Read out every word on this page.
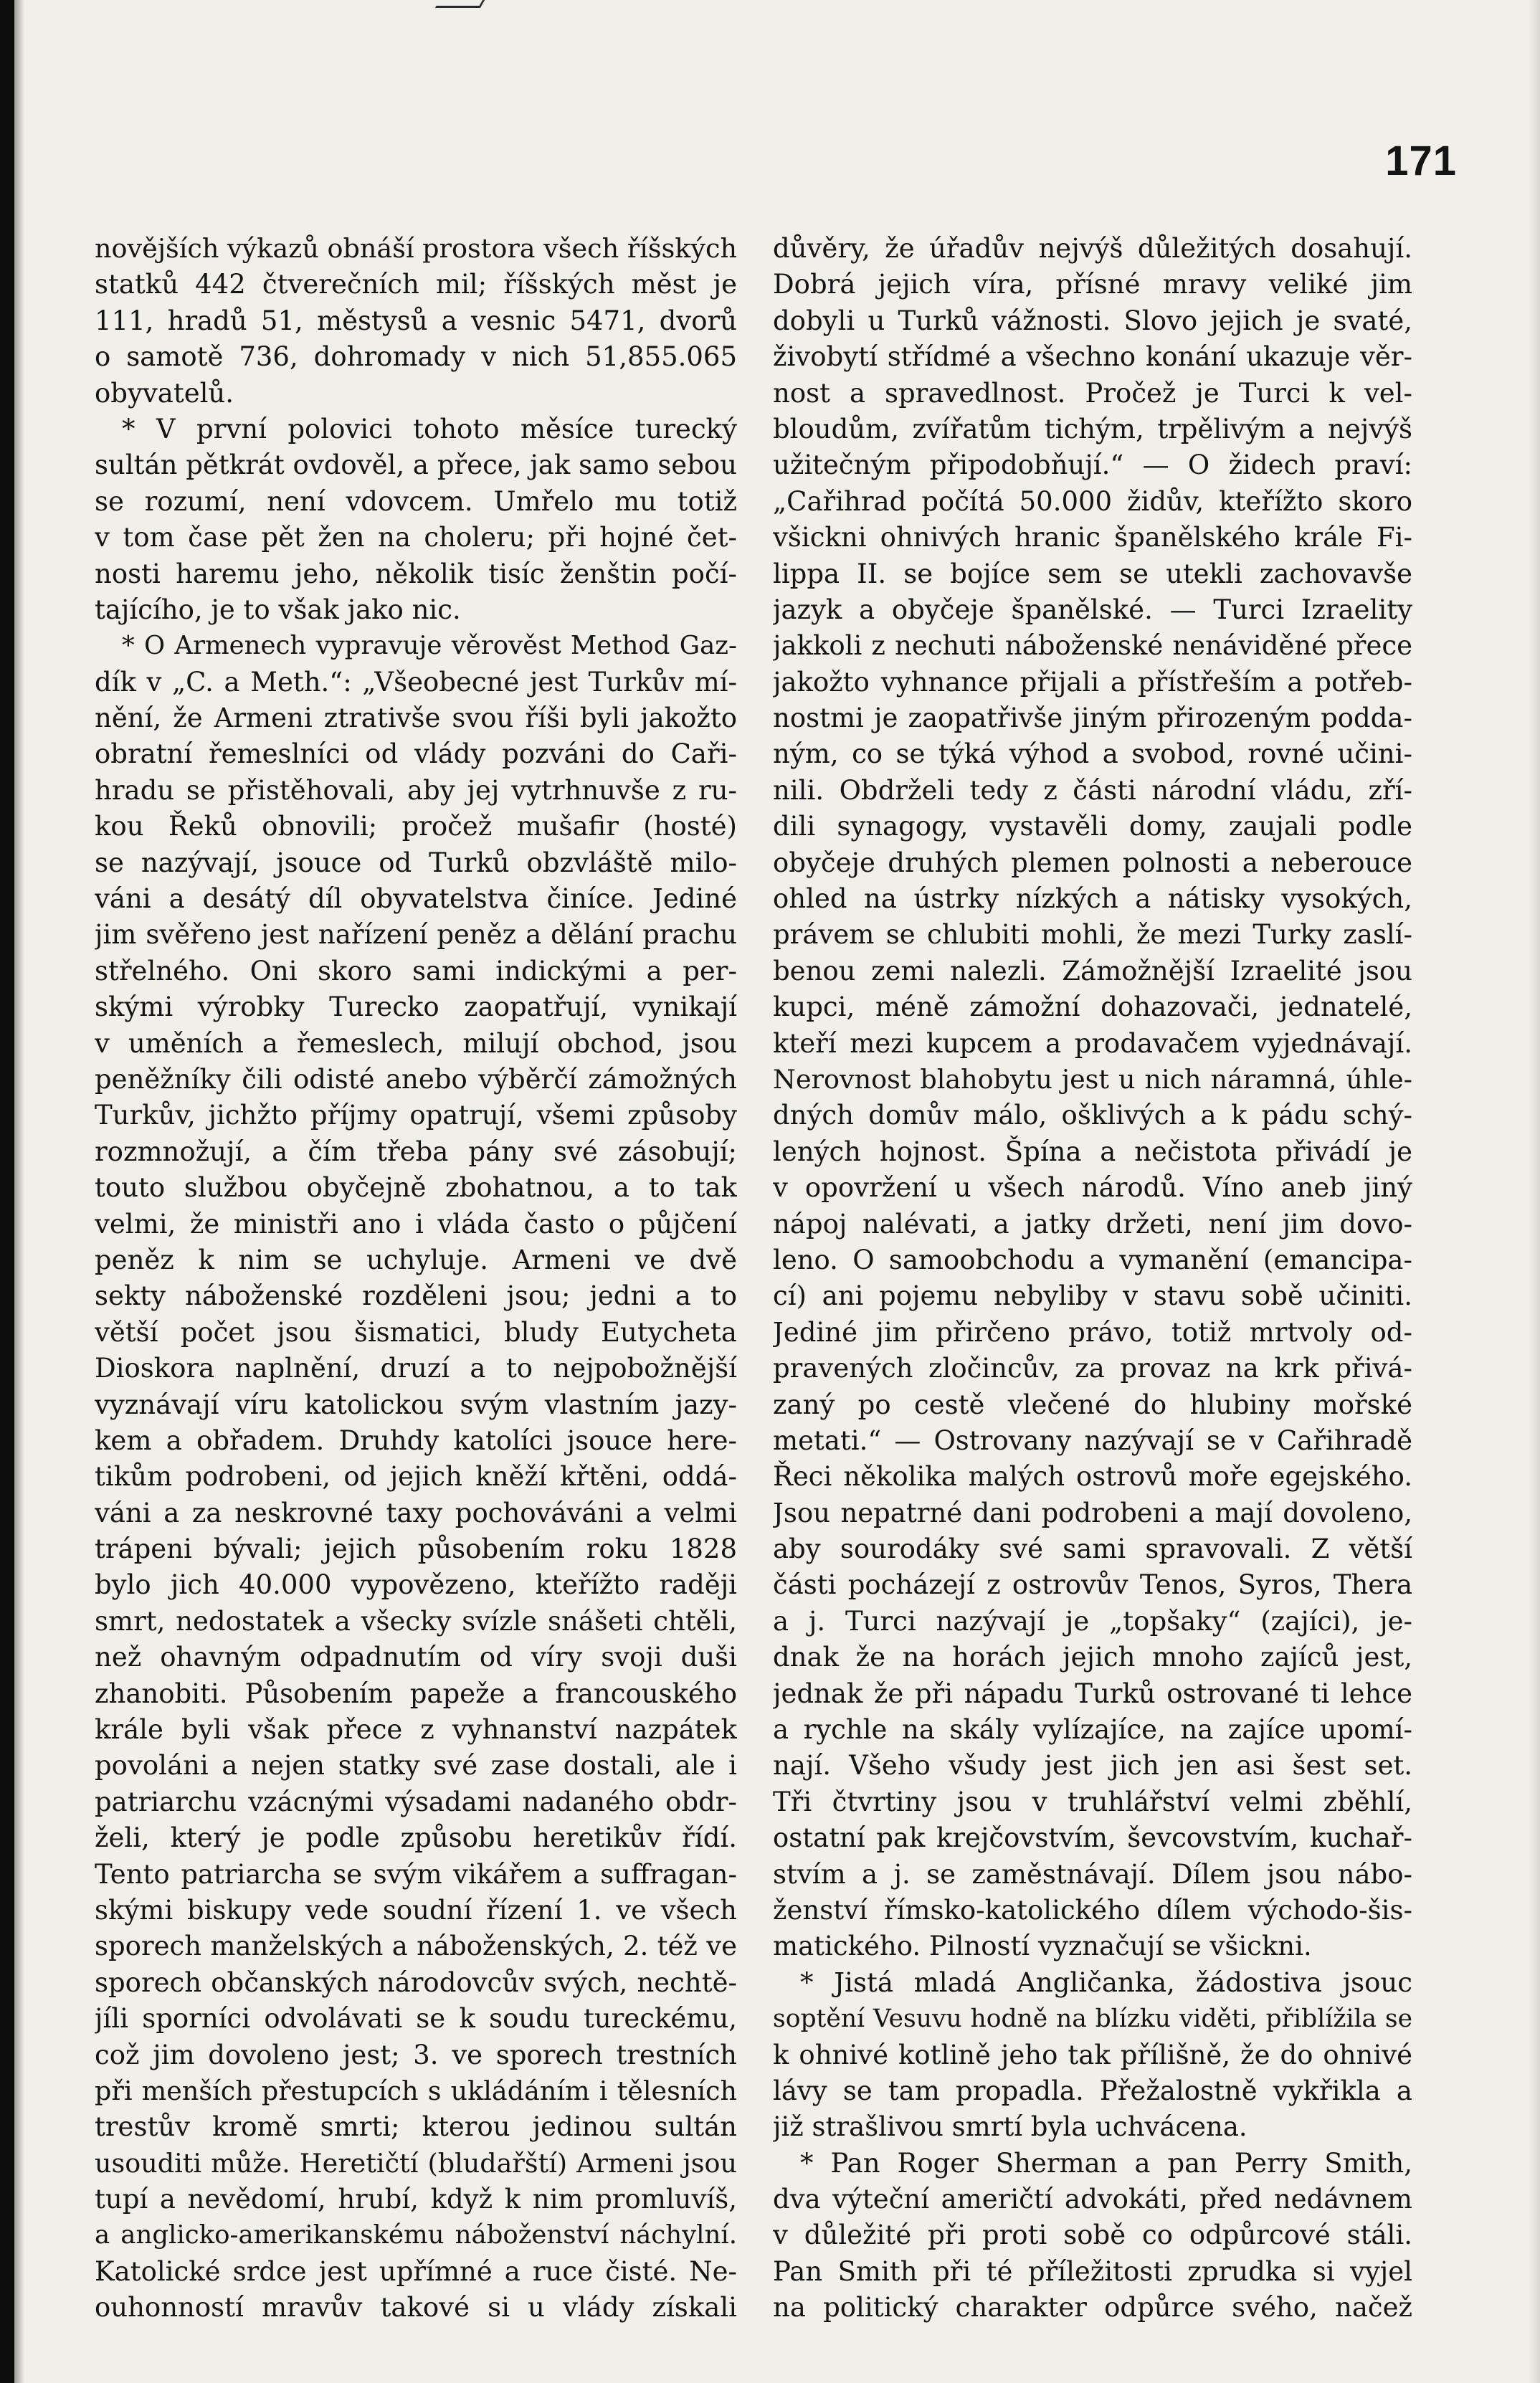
171
novějších výkazů obnáší prostora všech říšských
statků 442 čtverečních mil; říšských měst je
111, hradů 51, městysů a vesnic 5471, dvorů
o samotě 736, dohromady v nich 51,855.065
obyvatelů.
* V první polovici tohoto měsíce turecký
sultán pětkrát ovdověl, a přece, jak samo sebou
se rozumí, není vdovcem. Umřelo mu totiž
v tom čase pět žen na choleru; při hojné čet-
nosti haremu jeho, několik tisíc ženštin počí-
tajícího, je to však jako nic.
* O Armenech vypravuje věrověst Method Gaz-
dík v „C. a Meth.“: „Všeobecné jest Turkův mí-
nění, že Armeni ztrativše svou říši byli jakožto
obratní řemeslníci od vlády pozváni do Caři-
hradu se přistěhovali, aby jej vytrhnuvše z ru-
kou Řeků obnovili; pročež mušafir (hosté)
se nazývají, jsouce od Turků obzvláště milo-
váni a desátý díl obyvatelstva činíce. Jediné
jim svěřeno jest nařízení peněz a dělání prachu
střelného. Oni skoro sami indickými a per-
skými výrobky Turecko zaopatřují, vynikají
v uměních a řemeslech, milují obchod, jsou
peněžníky čili odisté anebo výběrčí zámožných
Turkův, jichžto příjmy opatrují, všemi způsoby
rozmnožují, a čím třeba pány své zásobují;
touto službou obyčejně zbohatnou, a to tak
velmi, že ministři ano i vláda často o půjčení
peněz k nim se uchyluje. Armeni ve dvě
sekty náboženské rozděleni jsou; jedni a to
větší počet jsou šismatici, bludy Eutycheta
Dioskora naplnění, druzí a to nejpobožnější
vyznávají víru katolickou svým vlastním jazy-
kem a obřadem. Druhdy katolíci jsouce here-
tikům podrobeni, od jejich kněží křtěni, oddá-
váni a za neskrovné taxy pochováváni a velmi
trápeni bývali; jejich působením roku 1828
bylo jich 40.000 vypovězeno, kteřížto raději
smrt, nedostatek a všecky svízle snášeti chtěli,
než ohavným odpadnutím od víry svoji duši
zhanobiti. Působením papeže a francouského
krále byli však přece z vyhnanství nazpátek
povoláni a nejen statky své zase dostali, ale i
patriarchu vzácnými výsadami nadaného obdr-
želi, který je podle způsobu heretikův řídí.
Tento patriarcha se svým vikářem a suffragan-
skými biskupy vede soudní řízení 1. ve všech
sporech manželských a náboženských, 2. též ve
sporech občanských národovcův svých, nechtě-
jíli sporníci odvolávati se k soudu tureckému,
což jim dovoleno jest; 3. ve sporech trestních
při menších přestupcích s ukládáním i tělesních
trestův kromě smrti; kterou jedinou sultán
usouditi může. Heretičtí (bludařští) Armeni jsou
tupí a nevědomí, hrubí, když k nim promluvíš,
a anglicko-amerikanskému náboženství náchylní.
Katolické srdce jest upřímné a ruce čisté. Ne-
ouhonností mravův takové si u vlády získali
důvěry, že úřadův nejvýš důležitých dosahují.
Dobrá jejich víra, přísné mravy veliké jim
dobyli u Turků vážnosti. Slovo jejich je svaté,
živobytí střídmé a všechno konání ukazuje věr-
nost a spravedlnost. Pročež je Turci k vel-
bloudům, zvířatům tichým, trpělivým a nejvýš
užitečným připodobňují.“ — O židech praví:
„Cařihrad počítá 50.000 židův, kteřížto skoro
všickni ohnivých hranic španělského krále Fi-
lippa II. se bojíce sem se utekli zachovavše
jazyk a obyčeje španělské. — Turci Izraelity
jakkoli z nechuti náboženské nenáviděné přece
jakožto vyhnance přijali a přístřeším a potřeb-
nostmi je zaopatřivše jiným přirozeným podda-
ným, co se týká výhod a svobod, rovné učini-
nili. Obdrželi tedy z části národní vládu, zří-
dili synagogy, vystavěli domy, zaujali podle
obyčeje druhých plemen polnosti a neberouce
ohled na ústrky nízkých a nátisky vysokých,
právem se chlubiti mohli, že mezi Turky zaslí-
benou zemi nalezli. Zámožnější Izraelité jsou
kupci, méně zámožní dohazovači, jednatelé,
kteří mezi kupcem a prodavačem vyjednávají.
Nerovnost blahobytu jest u nich náramná, úhle-
dných domův málo, ošklivých a k pádu schý-
lených hojnost. Špína a nečistota přivádí je
v opovržení u všech národů. Víno aneb jiný
nápoj nalévati, a jatky držeti, není jim dovo-
leno. O samoobchodu a vymanění (emancipa-
cí) ani pojemu nebyliby v stavu sobě učiniti.
Jediné jim přirčeno právo, totiž mrtvoly od-
pravených zločincův, za provaz na krk přivá-
zaný po cestě vlečené do hlubiny mořské
metati.“ — Ostrovany nazývají se v Cařihradě
Řeci několika malých ostrovů moře egejského.
Jsou nepatrné dani podrobeni a mají dovoleno,
aby sourodáky své sami spravovali. Z větší
části pocházejí z ostrovův Tenos, Syros, Thera
a j. Turci nazývají je „topšaky“ (zajíci), je-
dnak že na horách jejich mnoho zajíců jest,
jednak že při nápadu Turků ostrované ti lehce
a rychle na skály vylízajíce, na zajíce upomí-
nají. Všeho všudy jest jich jen asi šest set.
Tři čtvrtiny jsou v truhlářství velmi zběhlí,
ostatní pak krejčovstvím, ševcovstvím, kuchař-
stvím a j. se zaměstnávají. Dílem jsou nábo-
ženství římsko-katolického dílem východo-šis-
matického. Pilností vyznačují se všickni.
* Jistá mladá Angličanka, žádostiva jsouc
soptění Vesuvu hodně na blízku viděti, přiblížila se
k ohnivé kotlině jeho tak přílišně, že do ohnivé
lávy se tam propadla. Přežalostně vykřikla a
již strašlivou smrtí byla uchvácena.
* Pan Roger Sherman a pan Perry Smith,
dva výteční američtí advokáti, před nedávnem
v důležité při proti sobě co odpůrcové stáli.
Pan Smith při té příležitosti zprudka si vyjel
na politický charakter odpůrce svého, načež
